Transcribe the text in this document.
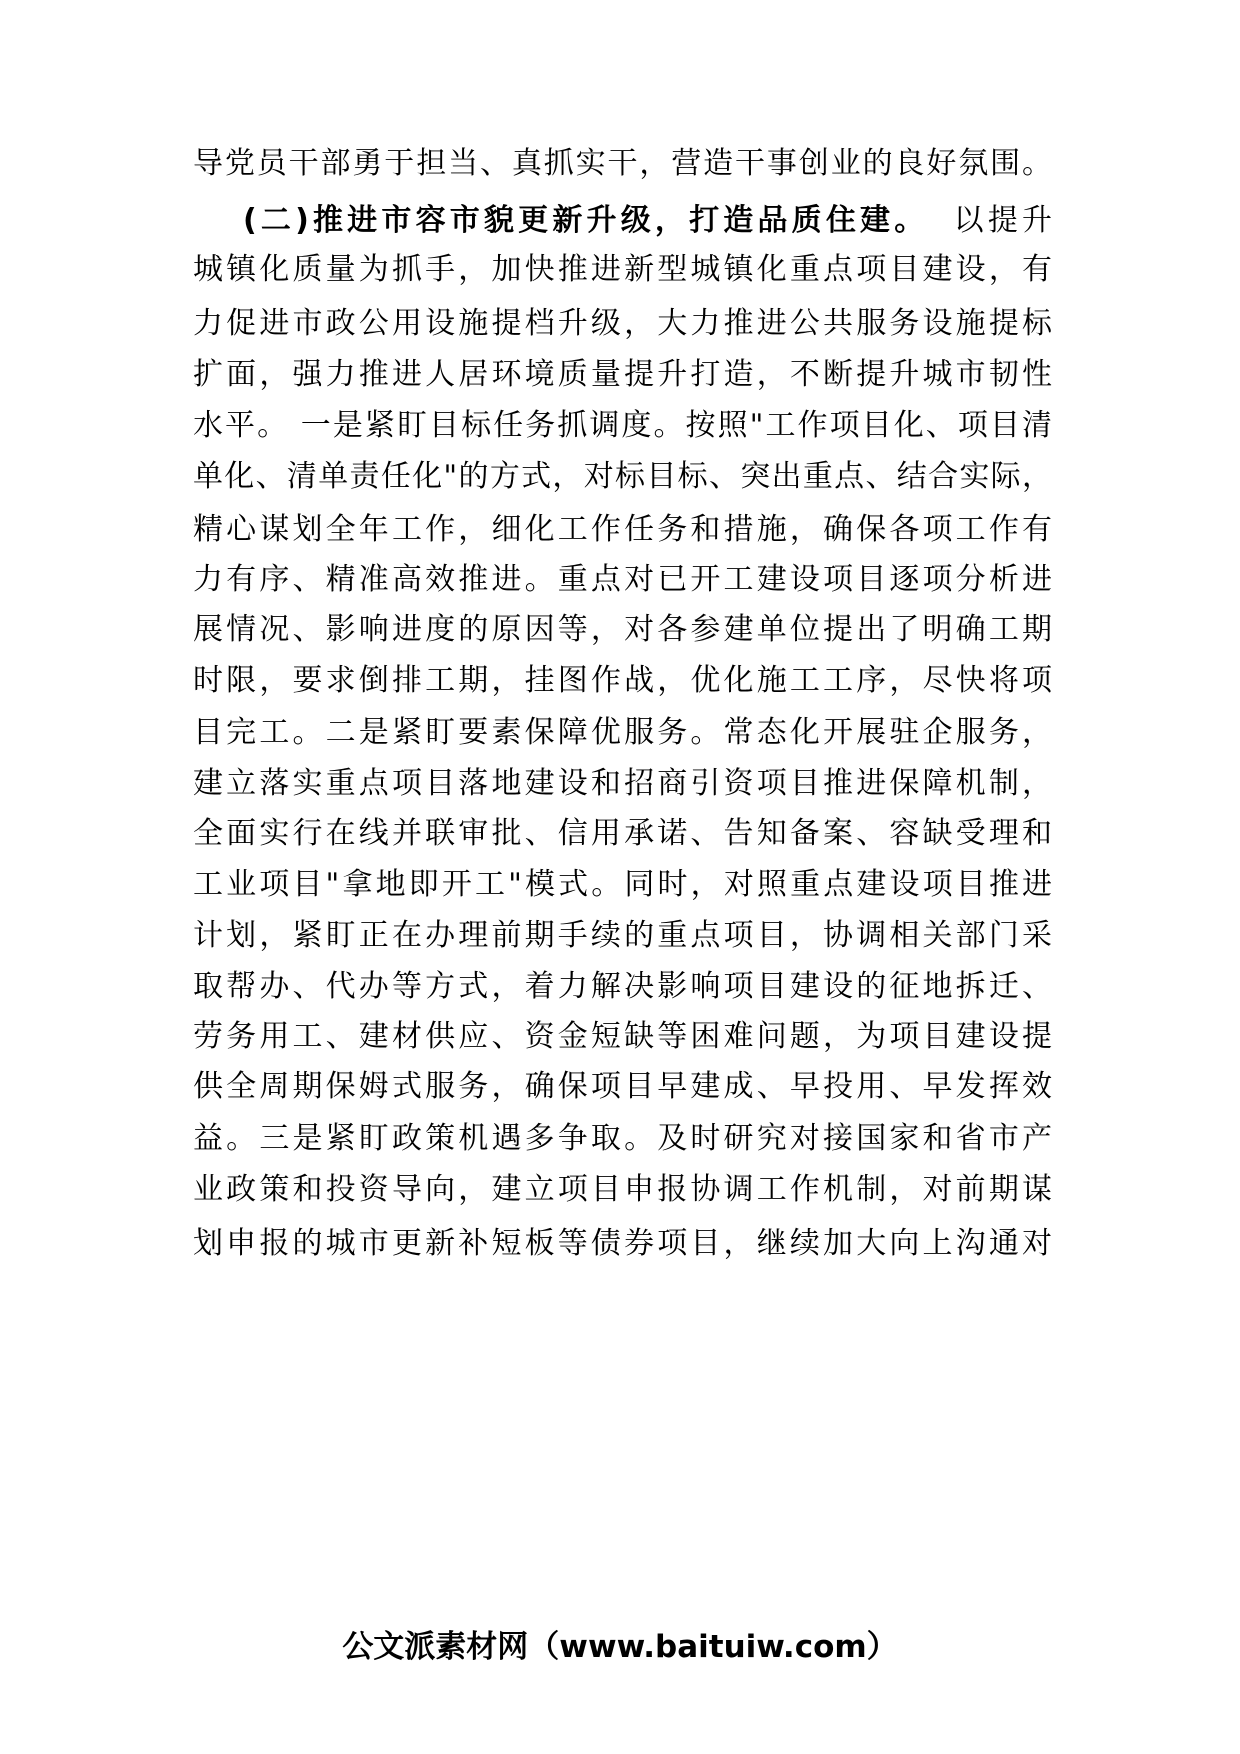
导党员干部勇于担当、真抓实干，营造干事创业的良好氛围。
(二)推进市容市貌更新升级，打造品质住建。 以提升
城镇化质量为抓手，加快推进新型城镇化重点项目建设，有
力促进市政公用设施提档升级，大力推进公共服务设施提标
扩面，强力推进人居环境质量提升打造，不断提升城市韧性
水平。 一是紧盯目标任务抓调度。按照"工作项目化、项目清
单化、清单责任化"的方式，对标目标、突出重点、结合实际，
精心谋划全年工作，细化工作任务和措施，确保各项工作有
力有序、精准高效推进。重点对已开工建设项目逐项分析进
展情况、影响进度的原因等，对各参建单位提出了明确工期
时限，要求倒排工期，挂图作战，优化施工工序，尽快将项
目完工。二是紧盯要素保障优服务。常态化开展驻企服务，
建立落实重点项目落地建设和招商引资项目推进保障机制，
全面实行在线并联审批、信用承诺、告知备案、容缺受理和
工业项目"拿地即开工"模式。同时，对照重点建设项目推进
计划，紧盯正在办理前期手续的重点项目，协调相关部门采
取帮办、代办等方式，着力解决影响项目建设的征地拆迁、
劳务用工、建材供应、资金短缺等困难问题，为项目建设提
供全周期保姆式服务，确保项目早建成、早投用、早发挥效
益。三是紧盯政策机遇多争取。及时研究对接国家和省市产
业政策和投资导向，建立项目申报协调工作机制，对前期谋
划申报的城市更新补短板等债券项目，继续加大向上沟通对
公文派素材网（www.baituiw.com）
